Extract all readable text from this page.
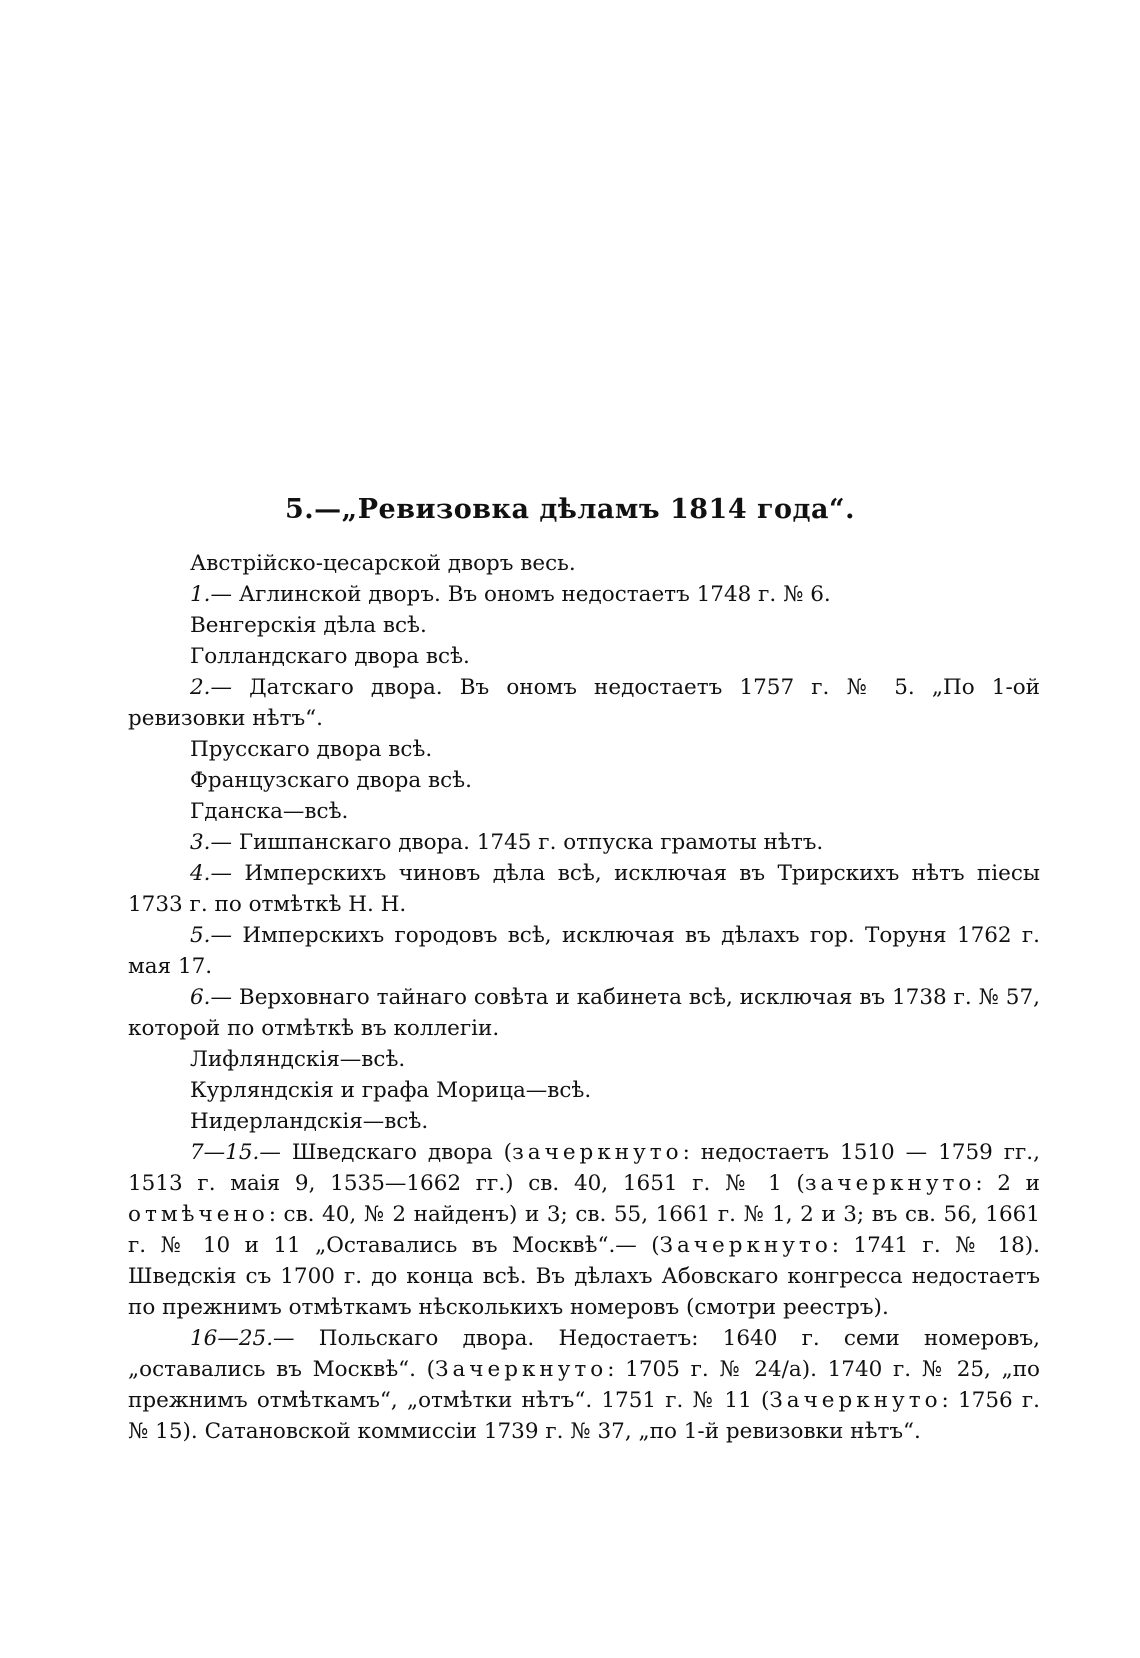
5.—„Ревизовка дѣламъ 1814 года“.

Австрійско-цесарской дворъ весь.

1.— Аглинской дворъ. Въ ономъ недостаетъ 1748 г. № 6.

Венгерскія дѣла всѣ.

Голландскаго двора всѣ.

2.— Датскаго двора. Въ ономъ недостаетъ 1757 г. № 5. „По 1-ой ревизовки нѣтъ“.

Прусскаго двора всѣ.

Французскаго двора всѣ.

Гданска—всѣ.

3.— Гишпанскаго двора. 1745 г. отпуска грамоты нѣтъ.

4.— Имперскихъ чиновъ дѣла всѣ, исключая въ Трирскихъ нѣтъ піесы 1733 г. по отмѣткѣ Н. Н.

5.— Имперскихъ городовъ всѣ, исключая въ дѣлахъ гор. Торуня 1762 г. мая 17.

6.— Верховнаго тайнаго совѣта и кабинета всѣ, исключая въ 1738 г. № 57, которой по отмѣткѣ въ коллегіи.

Лифляндскія—всѣ.

Курляндскія и графа Морица—всѣ.

Нидерландскія—всѣ.

7—15.— Шведскаго двора (зачеркнуто: недостаетъ 1510 — 1759 гг., 1513 г. маія 9, 1535—1662 гг.) св. 40, 1651 г. № 1 (зачеркнуто: 2 и отмѣчено: св. 40, № 2 найденъ) и 3; св. 55, 1661 г. № 1, 2 и 3; въ св. 56, 1661 г. № 10 и 11 „Оставались въ Москвѣ“.— (Зачеркнуто: 1741 г. № 18). Шведскія съ 1700 г. до конца всѣ. Въ дѣлахъ Абовскаго конгресса недостаетъ по прежнимъ отмѣткамъ нѣсколькихъ номеровъ (смотри реестръ).

16—25.— Польскаго двора. Недостаетъ: 1640 г. семи номеровъ, „оставались въ Москвѣ“. (Зачеркнуто: 1705 г. № 24/а). 1740 г. № 25, „по прежнимъ отмѣткамъ“, „отмѣтки нѣтъ“. 1751 г. № 11 (Зачеркнуто: 1756 г. № 15). Сатановской коммиссіи 1739 г. № 37, „по 1-й ревизовки нѣтъ“.
